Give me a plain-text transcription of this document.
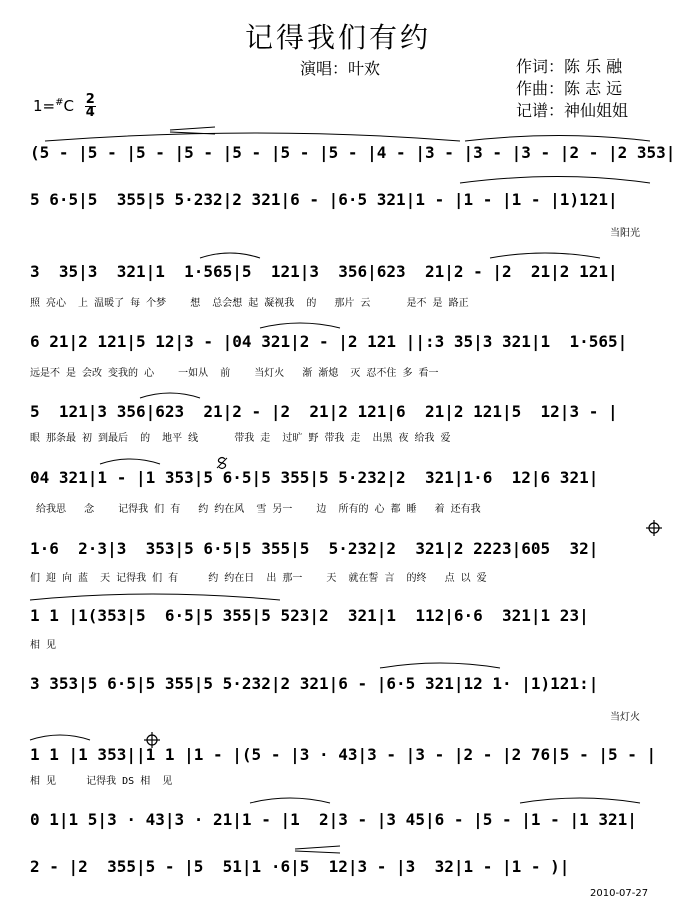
记得我们有约
演唱：叶欢	作词：陈 乐 融
作曲：陈 志 远
记谱：神仙姐姐
$1=^{\#}C \frac{2}{4}$
(5 - |5 - |5 - |5 - |5 - |5 - |5 - |4 - |3 - |3 - |3 - |2 - |2 353|
5 6·5|5  355|5 5·232|2 321|6 - |6·5 321|1 - |1 - |1 - |1)121|
当阳光
3  35|3  321|1  1·565|5  121|3  356|623  21|2 - |2  21|2 121|
照 亮心  上 温暖了 每 个梦    想  总会想 起 凝视我  的   那片 云      是不 是 路正
6 21|2 121|5 12|3 - |04 321|2 - |2 121 ||:3 35|3 321|1  1·565|
远是不 是 会改 变我的 心    一如从  前    当灯火   渐 渐熄  灭 忍不住 多 看一
5  121|3 356|623  21|2 - |2  21|2 121|6  21|2 121|5  12|3 - |
眼 那条最 初 到最后  的  地平 线      带我 走  过旷 野 带我 走  出黑 夜 给我 爱
04 321|1 - |1 353|5 6·5|5 355|5 5·232|2  321|1·6  12|6 321|
给我思   念    记得我 们 有   约 约在风  雪 另一    边  所有的 心 都 睡   着 还有我
1·6  2·3|3  353|5 6·5|5 355|5  5·232|2  321|2 2223|605  32|
们 迎 向 蓝  天 记得我 们 有     约 约在日  出 那一    天  就在誓 言  的终   点 以 爱
1 1 |1(353|5  6·5|5 355|5 523|2  321|1  112|6·6  321|1 23|
相 见
3 353|5 6·5|5 355|5 5·232|2 321|6 - |6·5 321|12 1· |1)121:|
当灯火
1 1 |1 353||1 1 |1 - |(5 - |3 · 43|3 - |3 - |2 - |2 76|5 - |5 - |
相 见     记得我 DS 相  见
0 1|1 5|3 · 43|3 · 21|1 - |1  2|3 - |3 45|6 - |5 - |1 - |1 321|
2 - |2  355|5 - |5  51|1 ·6|5  12|3 - |3  32|1 - |1 - )|
2010-07-27
